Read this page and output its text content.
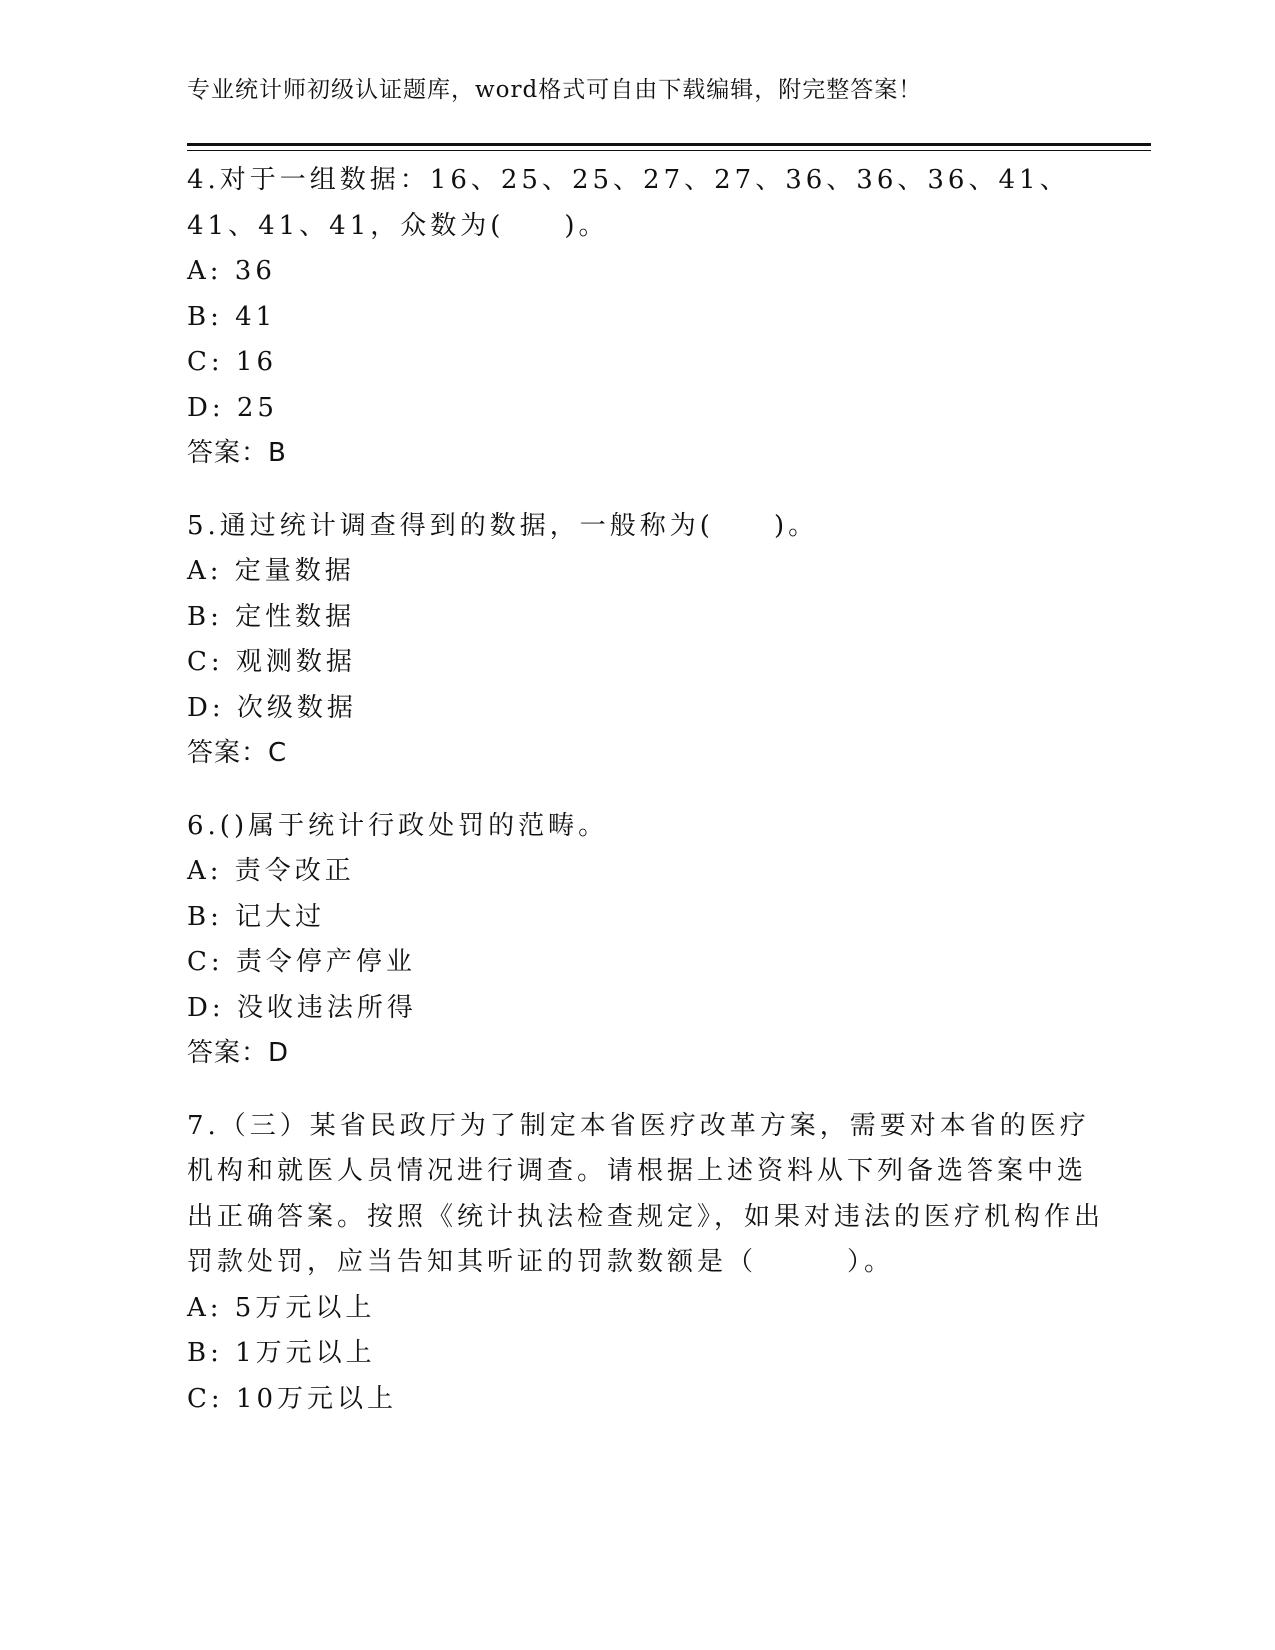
专业统计师初级认证题库，word格式可自由下载编辑，附完整答案！
4.对于一组数据：16、25、25、27、27、36、36、36、41、41、41、41，众数为(　　)。
A: 36
B: 41
C: 16
D: 25
答案：B
5.通过统计调查得到的数据，一般称为(　　)。
A: 定量数据
B: 定性数据
C: 观测数据
D: 次级数据
答案：C
6.()属于统计行政处罚的范畴。
A: 责令改正
B: 记大过
C: 责令停产停业
D: 没收违法所得
答案：D
7.（三）某省民政厅为了制定本省医疗改革方案，需要对本省的医疗机构和就医人员情况进行调查。请根据上述资料从下列备选答案中选出正确答案。按照《统计执法检查规定》，如果对违法的医疗机构作出罚款处罚，应当告知其听证的罚款数额是（　　　）。
A: 5万元以上
B: 1万元以上
C: 10万元以上
